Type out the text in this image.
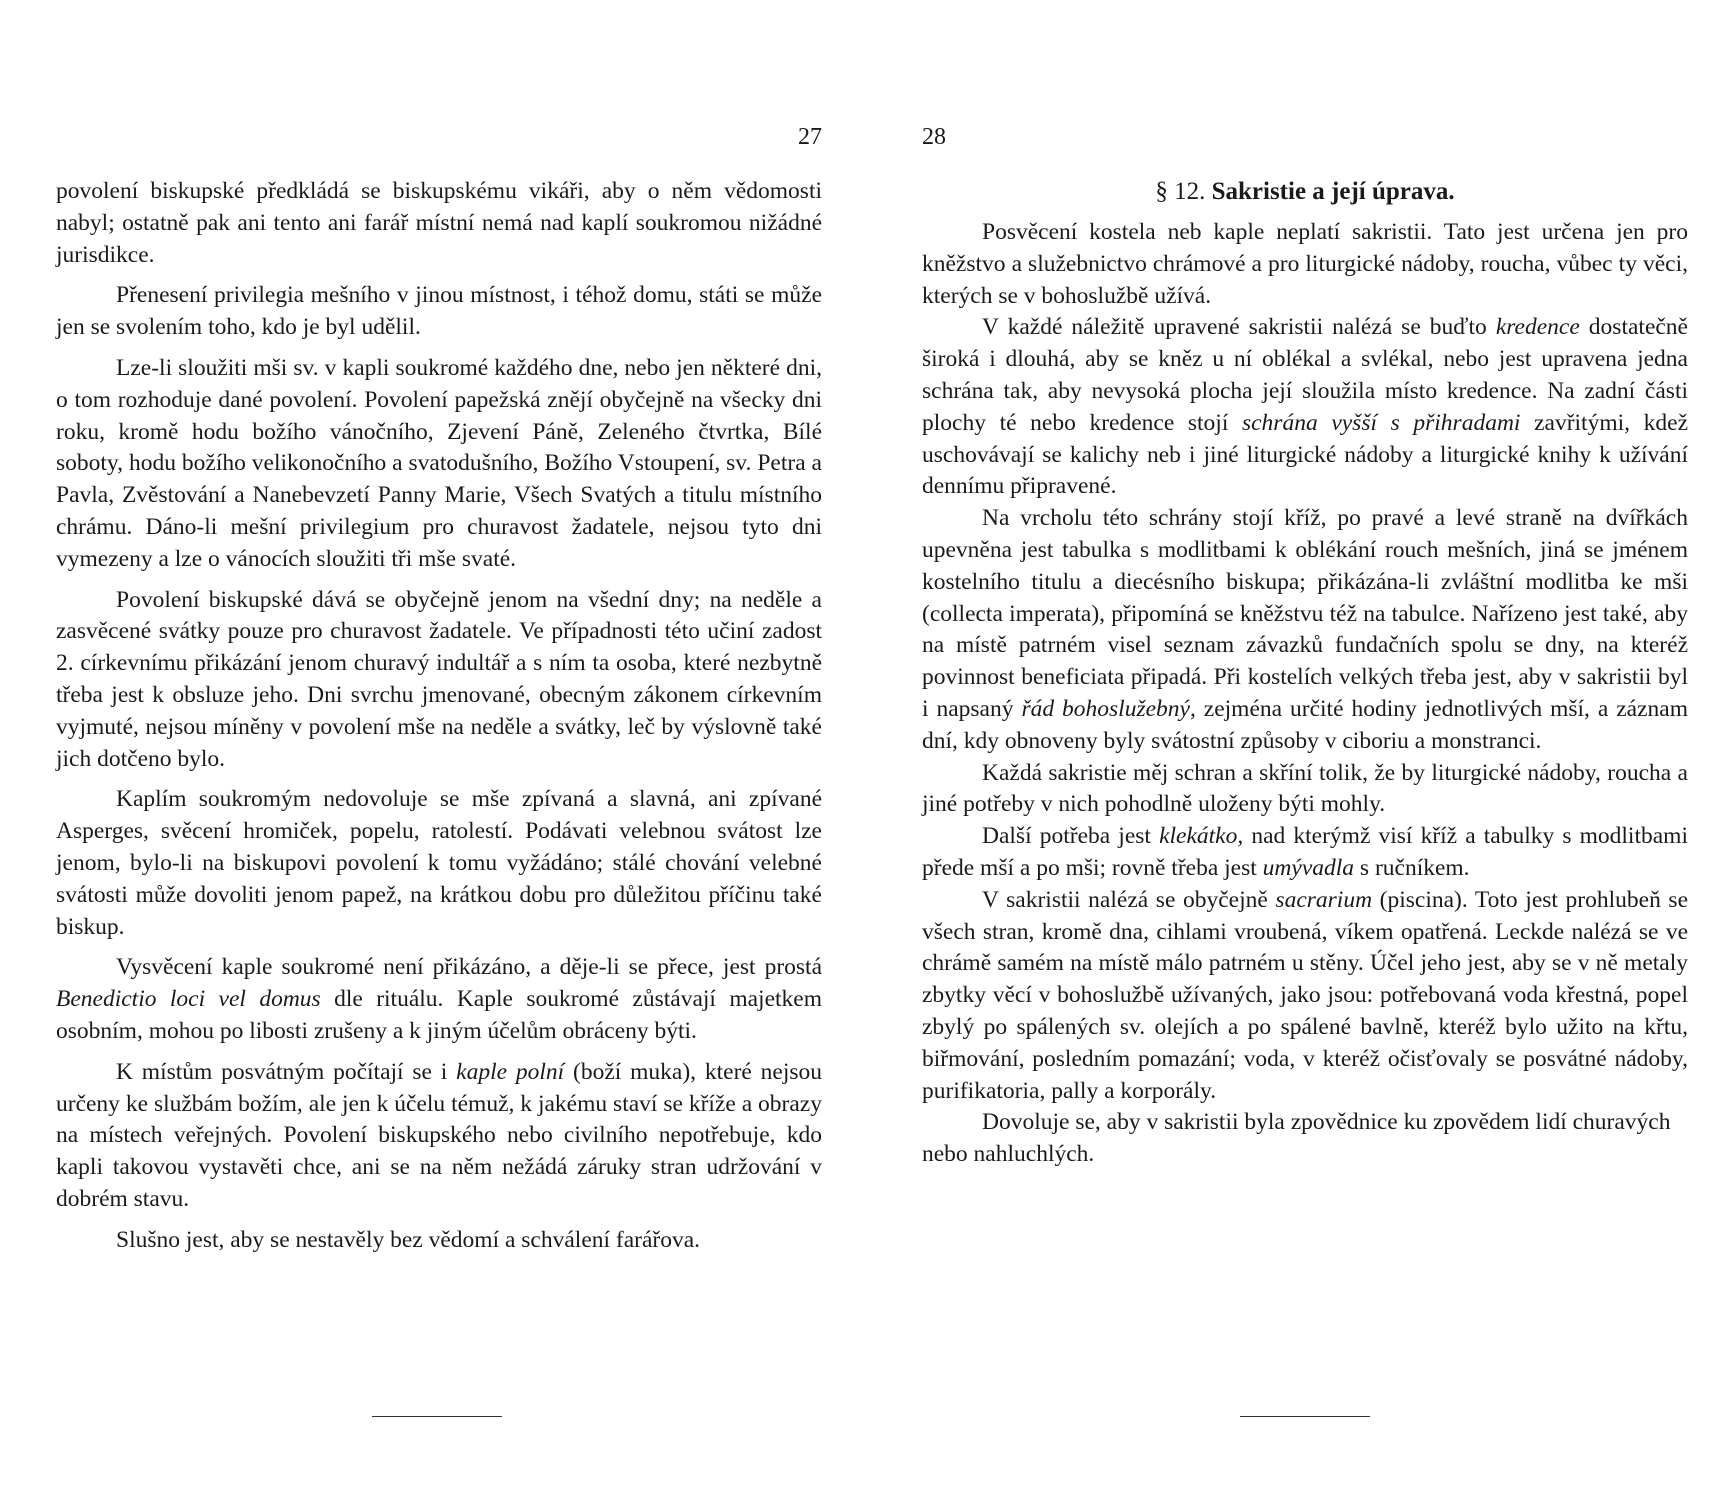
27

povolení biskupské předkládá se biskupskému vikáři, aby o něm vědomosti nabyl; ostatně pak ani tento ani farář místní nemá nad kaplí soukromou nižádné jurisdikce.

Přenesení privilegia mešního v jinou místnost, i téhož domu, státi se může jen se svolením toho, kdo je byl udělil.

Lze-li sloužiti mši sv. v kapli soukromé každého dne, nebo jen některé dni, o tom rozhoduje dané povolení. Povolení papežská znějí obyčejně na všecky dni roku, kromě hodu božího vánočního, Zjevení Páně, Zeleného čtvrtka, Bílé soboty, hodu božího velikonočního a svatodušního, Božího Vstoupení, sv. Petra a Pavla, Zvěstování a Nanebevzetí Panny Marie, Všech Svatých a titulu místního chrámu. Dáno-li mešní privilegium pro churavost žadatele, nejsou tyto dni vymezeny a lze o vánocích sloužiti tři mše svaté.

Povolení biskupské dává se obyčejně jenom na všední dny; na neděle a zasvěcené svátky pouze pro churavost žadatele. Ve případnosti této učiní zadost 2. církevnímu přikázání jenom churavý indultář a s ním ta osoba, které nezbytně třeba jest k obsluze jeho. Dni svrchu jmenované, obecným zákonem církevním vyjmuté, nejsou míněny v povolení mše na neděle a svátky, leč by výslovně také jich dotčeno bylo.

Kaplím soukromým nedovoluje se mše zpívaná a slavná, ani zpívané Asperges, svěcení hromiček, popelu, ratolestí. Podávati velebnou svátost lze jenom, bylo-li na biskupovi povolení k tomu vyžádáno; stálé chování velebné svátosti může dovoliti jenom papež, na krátkou dobu pro důležitou příčinu také biskup.

Vysvěcení kaple soukromé není přikázáno, a děje-li se přece, jest prostá Benedictio loci vel domus dle rituálu. Kaple soukromé zůstávají majetkem osobním, mohou po libosti zrušeny a k jiným účelům obráceny býti.

K místům posvátným počítají se i kaple polní (boží muka), které nejsou určeny ke službám božím, ale jen k účelu témuž, k jakému staví se kříže a obrazy na místech veřejných. Povolení biskupského nebo civilního nepotřebuje, kdo kapli takovou vystavěti chce, ani se na něm nežádá záruky stran udržování v dobrém stavu.

Slušno jest, aby se nestavěly bez vědomí a schválení farářova.

28

§ 12. Sakristie a její úprava.

Posvěcení kostela neb kaple neplatí sakristii. Tato jest určena jen pro kněžstvo a služebnictvo chrámové a pro liturgické nádoby, roucha, vůbec ty věci, kterých se v bohoslužbě užívá.

V každé náležitě upravené sakristii nalézá se buďto kredence dostatečně široká i dlouhá, aby se kněz u ní oblékal a svlékal, nebo jest upravena jedna schrána tak, aby nevysoká plocha její sloužila místo kredence. Na zadní části plochy té nebo kredence stojí schrána vyšší s přihradami zavřitými, kdež uschovávají se kalichy neb i jiné liturgické nádoby a liturgické knihy k užívání dennímu připravené.

Na vrcholu této schrány stojí kříž, po pravé a levé straně na dvířkách upevněna jest tabulka s modlitbami k oblékání rouch mešních, jiná se jménem kostelního titulu a diecésního biskupa; přikázána-li zvláštní modlitba ke mši (collecta imperata), připomíná se kněžstvu též na tabulce. Nařízeno jest také, aby na místě patrném visel seznam závazků fundačních spolu se dny, na kteréž povinnost beneficiata připadá. Při kostelích velkých třeba jest, aby v sakristii byl i napsaný řád bohoslužebný, zejména určité hodiny jednotlivých mší, a záznam dní, kdy obnoveny byly svátostní způsoby v ciboriu a monstranci.

Každá sakristie měj schran a skříní tolik, že by liturgické nádoby, roucha a jiné potřeby v nich pohodlně uloženy býti mohly.

Další potřeba jest klekátko, nad kterýmž visí kříž a tabulky s modlitbami přede mší a po mši; rovně třeba jest umývadla s ručníkem.

V sakristii nalézá se obyčejně sacrarium (piscina). Toto jest prohlubeň se všech stran, kromě dna, cihlami vroubená, víkem opatřená. Leckde nalézá se ve chrámě samém na místě málo patrném u stěny. Účel jeho jest, aby se v ně metaly zbytky věcí v bohoslužbě užívaných, jako jsou: potřebovaná voda křestná, popel zbylý po spálených sv. olejích a po spálené bavlně, kteréž bylo užito na křtu, biřmování, posledním pomazání; voda, v kteréž očisťovaly se posvátné nádoby, purifikatoria, pally a korporály.

Dovoluje se, aby v sakristii byla zpovědnice ku zpovědem lidí churavých nebo nahluchlých.
